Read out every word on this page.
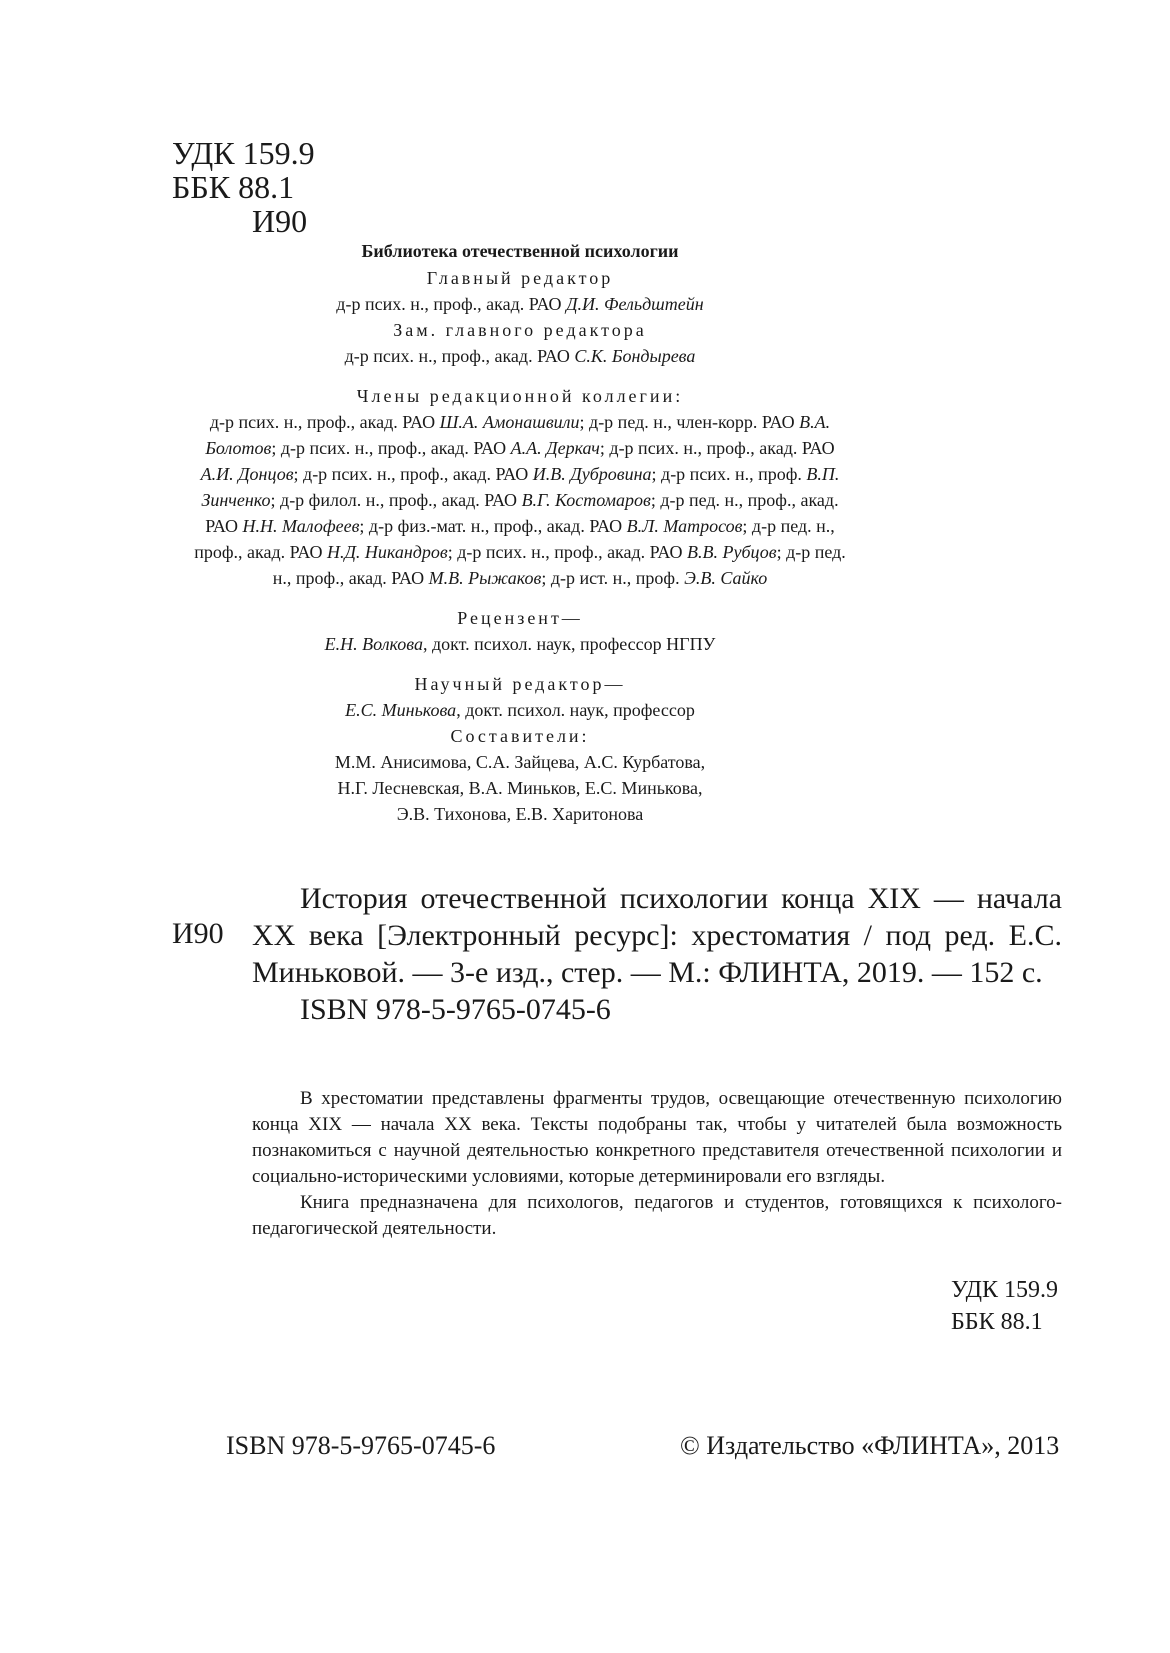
УДК 159.9
ББК 88.1
И90
Библиотека отечественной психологии
Главный редактор
д-р псих. н., проф., акад. РАО Д.И. Фельдштейн
Зам. главного редактора
д-р псих. н., проф., акад. РАО С.К. Бондырева
Члены редакционной коллегии:
д-р псих. н., проф., акад. РАО Ш.А. Амонашвили; д-р пед. н., член-корр. РАО В.А. Болотов; д-р псих. н., проф., акад. РАО А.А. Деркач; д-р псих. н., проф., акад. РАО А.И. Донцов; д-р псих. н., проф., акад. РАО И.В. Дубровина; д-р псих. н., проф. В.П. Зинченко; д-р филол. н., проф., акад. РАО В.Г. Костомаров; д-р пед. н., проф., акад. РАО Н.Н. Малофеев; д-р физ.-мат. н., проф., акад. РАО В.Л. Матросов; д-р пед. н., проф., акад. РАО Н.Д. Никандров; д-р псих. н., проф., акад. РАО В.В. Рубцов; д-р пед. н., проф., акад. РАО М.В. Рыжаков; д-р ист. н., проф. Э.В. Сайко
Рецензент—
Е.Н. Волкова, докт. психол. наук, профессор НГПУ
Научный редактор—
Е.С. Минькова, докт. психол. наук, профессор
Составители:
М.М. Анисимова, С.А. Зайцева, А.С. Курбатова,
Н.Г. Лесневская, В.А. Миньков, Е.С. Минькова,
Э.В. Тихонова, Е.В. Харитонова
И90

История отечественной психологии конца XIX — начала XX века [Электронный ресурс]: хрестоматия / под ред. Е.С. Миньковой. — 3-е изд., стер. — М.: ФЛИНТА, 2019. — 152 с.

ISBN 978-5-9765-0745-6

В хрестоматии представлены фрагменты трудов, освещающие отечественную психологию конца XIX — начала XX века. Тексты подобраны так, чтобы у читателей была возможность познакомиться с научной деятельностью конкретного представителя отечественной психологии и социально-историческими условиями, которые детерминировали его взгляды.

Книга предназначена для психологов, педагогов и студентов, готовящихся к психолого-педагогической деятельности.

УДК 159.9
ББК 88.1
ISBN 978-5-9765-0745-6	© Издательство «ФЛИНТА», 2013
